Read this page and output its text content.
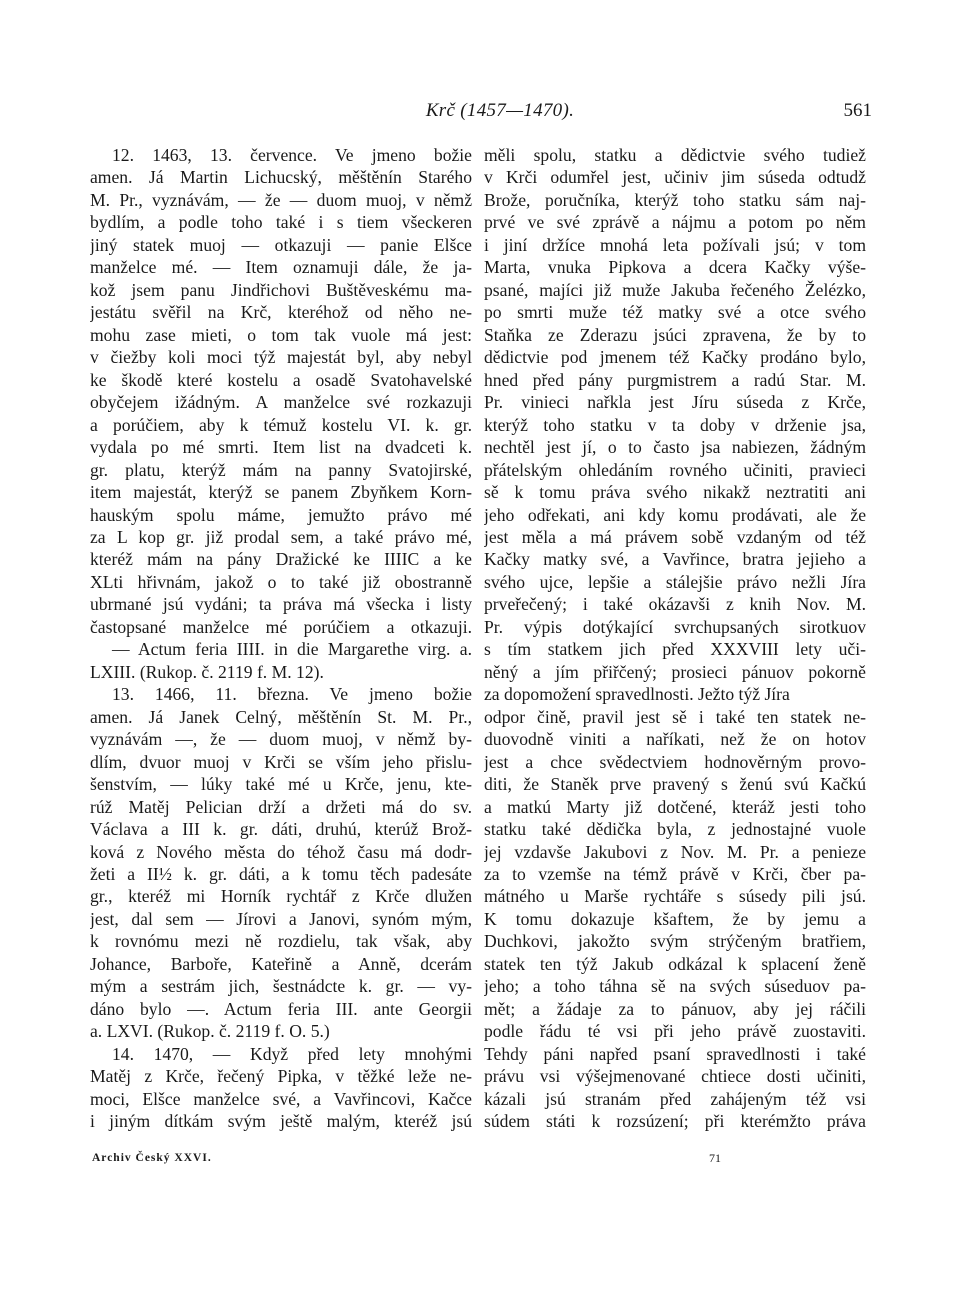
Krč (1457—1470).	561
12. 1463, 13. července. Ve jmeno božie
amen. Já Martin Lichucský, měštěnín Starého
M. Pr., vyznávám, — že — duom muoj, v němž
bydlím, a podle toho také i s tiem všeckeren
jiný statek muoj — otkazuji — panie Elšce
manželce mé. — Item oznamuji dále, že ja-
kož jsem panu Jindřichovi Buštěveskému ma-
jestátu svěřil na Krč, kteréhož od něho ne-
mohu zase mieti, o tom tak vuole má jest:
v čiežby koli moci týž majestát byl, aby nebyl
ke škodě které kostelu a osadě Svatohavelské
obyčejem ižádným. A manželce své rozkazuji
a porúčiem, aby k témuž kostelu VI. k. gr.
vydala po mé smrti. Item list na dvadceti k.
gr. platu, kterýž mám na panny Svatojirské,
item majestát, kterýž se panem Zbyňkem Korn-
hauským spolu máme, jemužto právo mé
za L kop gr. již prodal sem, a také právo mé,
kteréž mám na pány Dražické ke IIIIC a ke
XLti hřivnám, jakož o to také již obostranně
ubrmané jsú vydáni; ta práva má všecka i listy
častopsané manželce mé porúčiem a otkazuji.
— Actum feria IIII. in die Margarethe virg. a.
LXIII. (Rukop. č. 2119 f. M. 12).
13. 1466, 11. března. Ve jmeno božie
amen. Já Janek Celný, měštěnín St. M. Pr.,
vyznávám —, že — duom muoj, v němž by-
dlím, dvuor muoj v Krči se vším jeho přislu-
šenstvím, — lúky také mé u Krče, jenu, kte-
rúž Matěj Pelician drží a držeti má do sv.
Václava a III k. gr. dáti, druhú, kterúž Brož-
ková z Nového města do téhož času má dodr-
žeti a II½ k. gr. dáti, a k tomu těch padesáte
gr., kteréž mi Horník rychtář z Krče dlužen
jest, dal sem — Jírovi a Janovi, synóm mým,
k rovnómu mezi ně rozdielu, tak však, aby
Johance, Barboře, Kateřině a Anně, dcerám
mým a sestrám jich, šestnádcte k. gr. — vy-
dáno bylo —. Actum feria III. ante Georgii
a. LXVI. (Rukop. č. 2119 f. O. 5.)
14. 1470, — Když před lety mnohými
Matěj z Krče, řečený Pipka, v těžké leže ne-
moci, Elšce manželce své, a Vavřincovi, Kačce
i jiným dítkám svým ještě malým, kteréž jsú
měli spolu, statku a dědictvie svého tudiež
v Krči odumřel jest, učiniv jim súseda odtudž
Brože, poručníka, kterýž toho statku sám naj-
prvé ve své zprávě a nájmu a potom po něm
i jiní držíce mnohá leta požívali jsú; v tom
Marta, vnuka Pipkova a dcera Kačky výše-
psané, majíci již muže Jakuba řečeného Želézko,
po smrti muže též matky své a otce svého
Staňka ze Zderazu jsúci zpravena, že by to
dědictvie pod jmenem též Kačky prodáno bylo,
hned před pány purgmistrem a radú Star. M.
Pr. vinieci nařkla jest Jíru súseda z Krče,
kterýž toho statku v ta doby v drženie jsa,
nechtěl jest jí, o to často jsa nabiezen, žádným
přátelským ohledáním rovného učiniti, pravieci
sě k tomu práva svého nikakž neztratiti ani
jeho odřekati, ani kdy komu prodávati, ale že
jest měla a má právem sobě vzdaným od též
Kačky matky své, a Vavřince, bratra jejieho a
svého ujce, lepšie a stálejšie právo nežli Jíra
prveřečený; i také okázavši z knih Nov. M.
Pr. výpis dotýkající svrchupsaných sirotkuov
s tím statkem jich před XXXVIII lety uči-
něný a jím přiřčený; prosieci pánuov pokorně
za dopomožení spravedlnosti. Ježto týž Jíra
odpor čině, pravil jest sě i také ten statek ne-
duovodně viniti a naříkati, než že on hotov
jest a chce svědectviem hodnověrným provo-
diti, že Staněk prve pravený s ženú svú Kačkú
a matkú Marty již dotčené, kteráž jesti toho
statku také dědička byla, z jednostajné vuole
jej vzdavše Jakubovi z Nov. M. Pr. a penieze
za to vzemše na témž právě v Krči, čber pa-
mátného u Marše rychtáře s súsedy pili jsú.
K tomu dokazuje kšaftem, že by jemu a
Duchkovi, jakožto svým strýčeným bratřiem,
statek ten týž Jakub odkázal k splacení ženě
jeho; a toho táhna sě na svých súseduov pa-
mět; a žádaje za to pánuov, aby jej ráčili
podle řádu té vsi při jeho právě zuostaviti.
Tehdy páni napřed psaní spravedlnosti i také
právu vsi výšejmenované chtiece dosti učiniti,
kázali jsú stranám před zahájeným též vsi
súdem státi k rozsúzení; při kterémžto práva
Archiv Český XXVI.	71
